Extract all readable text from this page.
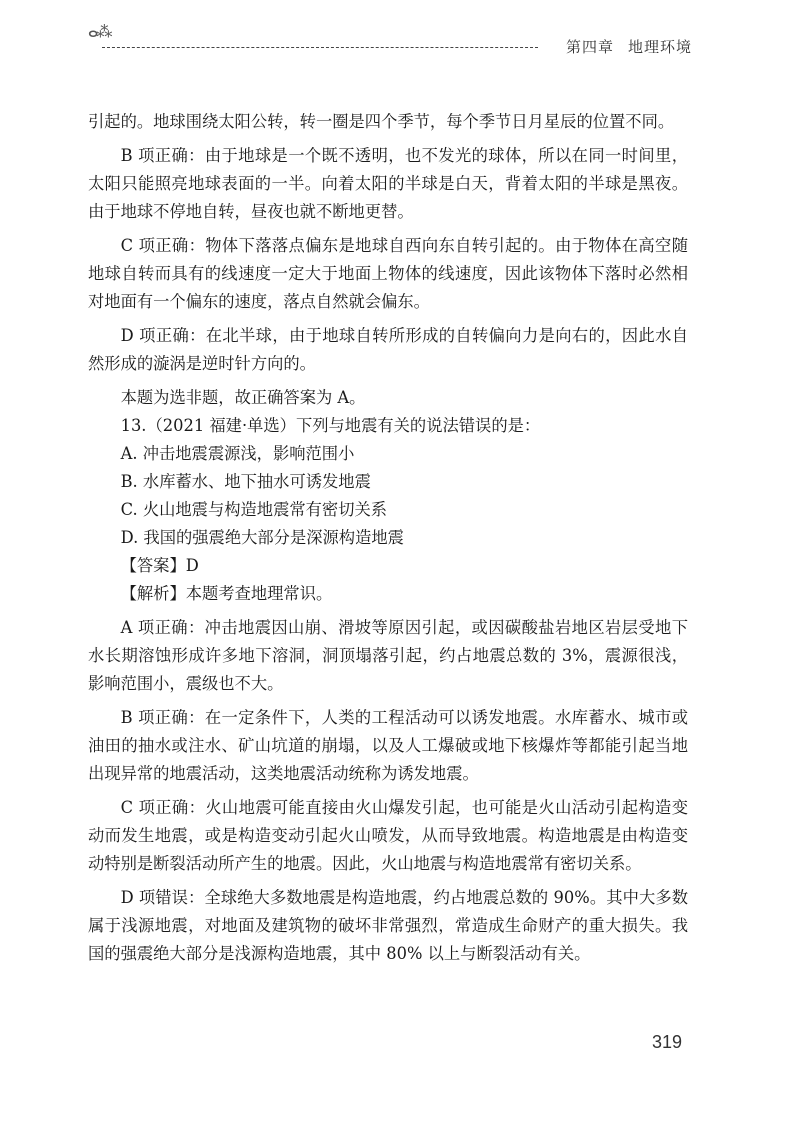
ⴰ⁂
第四章 地理环境

引起的。地球围绕太阳公转，转一圈是四个季节，每个季节日月星辰的位置不同。

B 项正确：由于地球是一个既不透明，也不发光的球体，所以在同一时间里，太阳只能照亮地球表面的一半。向着太阳的半球是白天，背着太阳的半球是黑夜。由于地球不停地自转，昼夜也就不断地更替。

C 项正确：物体下落落点偏东是地球自西向东自转引起的。由于物体在高空随地球自转而具有的线速度一定大于地面上物体的线速度，因此该物体下落时必然相对地面有一个偏东的速度，落点自然就会偏东。

D 项正确：在北半球，由于地球自转所形成的自转偏向力是向右的，因此水自然形成的漩涡是逆时针方向的。

本题为选非题，故正确答案为 A。

13.（2021 福建·单选）下列与地震有关的说法错误的是：

A. 冲击地震震源浅，影响范围小

B. 水库蓄水、地下抽水可诱发地震

C. 火山地震与构造地震常有密切关系

D. 我国的强震绝大部分是深源构造地震

【答案】D

【解析】本题考查地理常识。

A 项正确：冲击地震因山崩、滑坡等原因引起，或因碳酸盐岩地区岩层受地下水长期溶蚀形成许多地下溶洞，洞顶塌落引起，约占地震总数的 3%，震源很浅，影响范围小，震级也不大。

B 项正确：在一定条件下，人类的工程活动可以诱发地震。水库蓄水、城市或油田的抽水或注水、矿山坑道的崩塌，以及人工爆破或地下核爆炸等都能引起当地出现异常的地震活动，这类地震活动统称为诱发地震。

C 项正确：火山地震可能直接由火山爆发引起，也可能是火山活动引起构造变动而发生地震，或是构造变动引起火山喷发，从而导致地震。构造地震是由构造变动特别是断裂活动所产生的地震。因此，火山地震与构造地震常有密切关系。

D 项错误：全球绝大多数地震是构造地震，约占地震总数的 90%。其中大多数属于浅源地震，对地面及建筑物的破坏非常强烈，常造成生命财产的重大损失。我国的强震绝大部分是浅源构造地震，其中 80% 以上与断裂活动有关。

319
